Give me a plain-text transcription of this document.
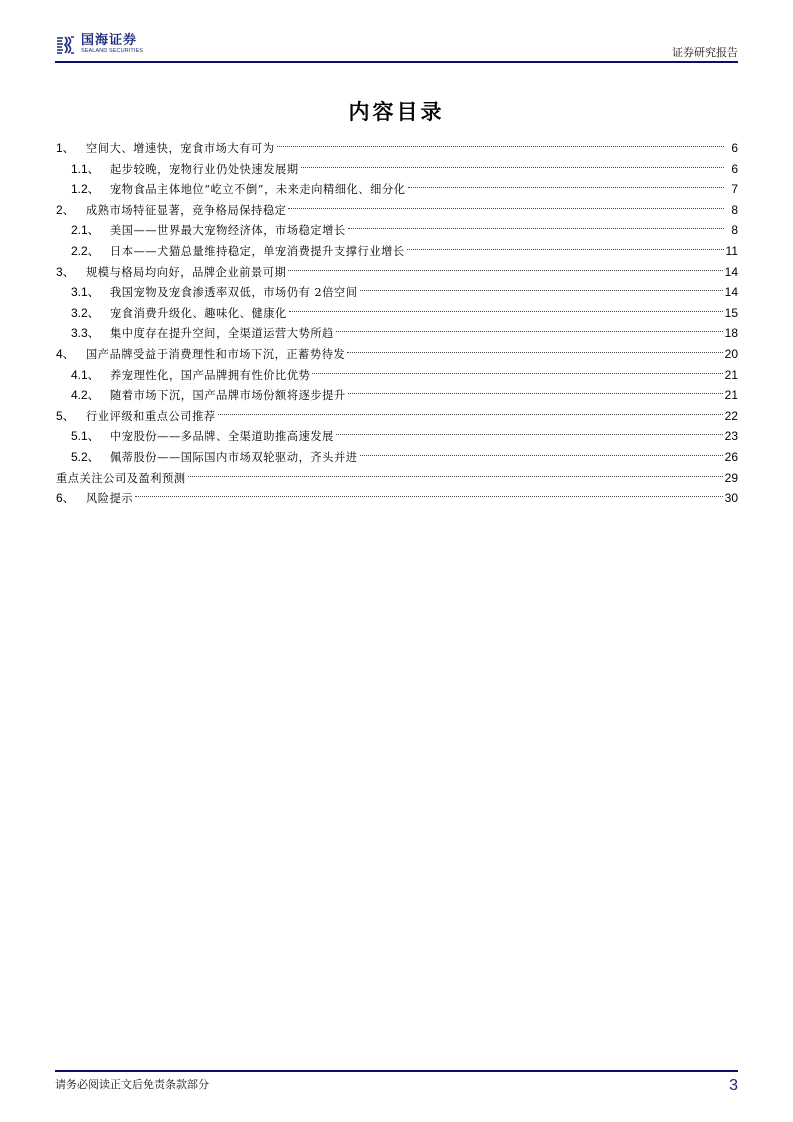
国海证券
SEALAND SECURITIES	证券研究报告
内容目录
1、	空间大、增速快，宠食市场大有可为	6
1.1、 起步较晚，宠物行业仍处快速发展期	6
1.2、 宠物食品主体地位“屹立不倒”，未来走向精细化、细分化	7
2、	成熟市场特征显著，竞争格局保持稳定	8
2.1、 美国——世界最大宠物经济体，市场稳定增长	8
2.2、 日本——犬猫总量维持稳定，单宠消费提升支撑行业增长	11
3、	规模与格局均向好，品牌企业前景可期	14
3.1、 我国宠物及宠食渗透率双低，市场仍有 2倍空间	14
3.2、 宠食消费升级化、趣味化、健康化	15
3.3、 集中度存在提升空间，全渠道运营大势所趋	18
4、	国产品牌受益于消费理性和市场下沉，正蓄势待发	20
4.1、 养宠理性化，国产品牌拥有性价比优势	21
4.2、 随着市场下沉，国产品牌市场份额将逐步提升	21
5、	行业评级和重点公司推荐	22
5.1、 中宠股份——多品牌、全渠道助推高速发展	23
5.2、 佩蒂股份——国际国内市场双轮驱动，齐头并进	26
重点关注公司及盈利预测	29
6、	风险提示	30
请务必阅读正文后免责条款部分	3
